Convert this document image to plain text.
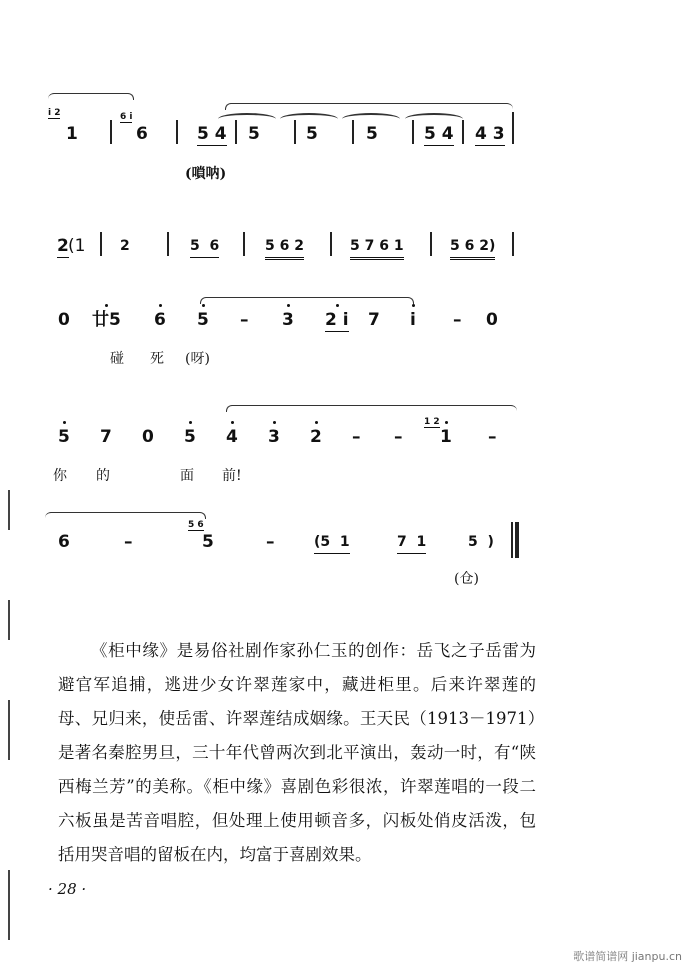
i 2
1
6 i
6	5 4 5	5	5	5 4 4 3
(嗩呐)
2 (1 2	5  6	5 6 2	5 7 6 1	5 6 2)
0 廿5 6 5 – 3 2 i 7 i – 0
碰 死 (呀)
5 7 0 5 4 3 2 – –
1 2
1 –
你 的	面 前!
6	–
5 6
5	–	(5  1	7  1	5  )
(仓)

《柜中缘》是易俗社剧作家孙仁玉的创作：岳飞之子岳雷为避官军追捕，逃进少女许翠莲家中，藏进柜里。后来许翠莲的母、兄归来，使岳雷、许翠莲结成姻缘。王天民（1913－1971）是著名秦腔男旦，三十年代曾两次到北平演出，轰动一时，有“陕西梅兰芳”的美称。《柜中缘》喜剧色彩很浓，许翠莲唱的一段二六板虽是苦音唱腔，但处理上使用顿音多，闪板处俏皮活泼，包括用哭音唱的留板在内，均富于喜剧效果。

· 28 ·
歌谱简谱网 jianpu.cn
